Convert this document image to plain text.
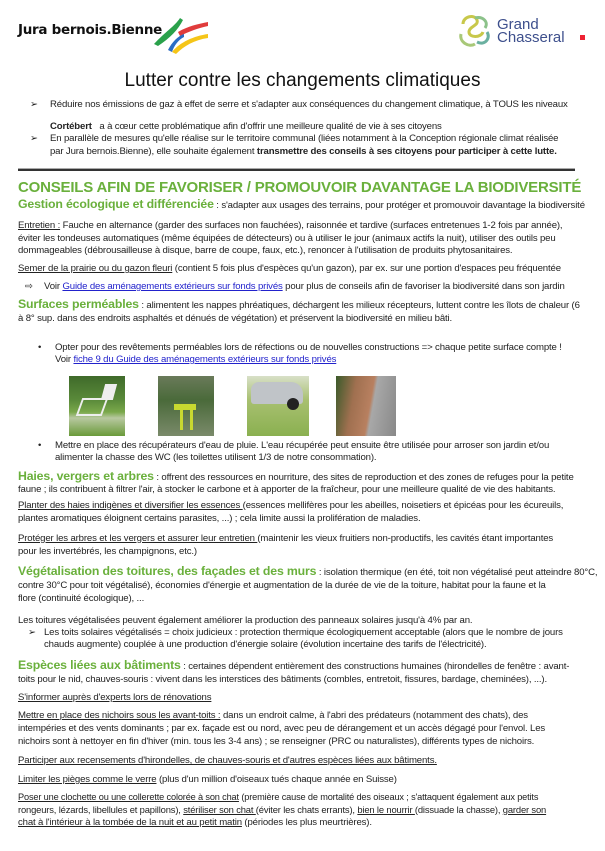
Jura bernois.Bienne	Grand
Chasseral
Lutter contre les changements climatiques
➢ Réduire nos émissions de gaz à effet de serre et s'adapter aux conséquences du changement climatique, à TOUS les niveaux
Cortébert a à cœur cette problématique afin d'offrir une meilleure qualité de vie à ses citoyens
➢ En parallèle de mesures qu'elle réalise sur le territoire communal (liées notamment à la Conception régionale climat réalisée
par Jura bernois.Bienne), elle souhaite également transmettre des conseils à ses citoyens pour participer à cette lutte.
CONSEILS AFIN DE FAVORISER / PROMOUVOIR DAVANTAGE LA BIODIVERSITÉ
Gestion écologique et différenciée : s'adapter aux usages des terrains, pour protéger et promouvoir davantage la biodiversité
Entretien : Fauche en alternance (garder des surfaces non fauchées), raisonnée et tardive (surfaces entretenues 1-2 fois par année),
éviter les tondeuses automatiques (même équipées de détecteurs) ou à utiliser le jour (animaux actifs la nuit), utiliser des outils peu
dommageables (débrousailleuse à disque, barre de coupe, faux, etc.), renoncer à l'utilisation de produits phytosanitaires.
Semer de la prairie ou du gazon fleuri (contient 5 fois plus d'espèces qu'un gazon), par ex. sur une portion d'espaces peu fréquentée
⇨ Voir Guide des aménagements extérieurs sur fonds privés pour plus de conseils afin de favoriser la biodiversité dans son jardin
Surfaces perméables : alimentent les nappes phréatiques, déchargent les milieux récepteurs, luttent contre les îlots de chaleur (6
à 8° sup. dans des endroits asphaltés et dénués de végétation) et préservent la biodiversité en milieu bâti.
• Opter pour des revêtements perméables lors de réfections ou de nouvelles constructions => chaque petite surface compte !
Voir fiche 9 du Guide des aménagements extérieurs sur fonds privés
• Mettre en place des récupérateurs d'eau de pluie. L'eau récupérée peut ensuite être utilisée pour arroser son jardin et/ou
alimenter la chasse des WC (les toilettes utilisent 1/3 de notre consommation).
Haies, vergers et arbres : offrent des ressources en nourriture, des sites de reproduction et des zones de refuges pour la petite
faune ; ils contribuent à filtrer l'air, à stocker le carbone et à apporter de la fraîcheur, pour une meilleure qualité de vie des habitants.
Planter des haies indigènes et diversifier les essences (essences mellifères pour les abeilles, noisetiers et épicéas pour les écureuils,
plantes aromatiques éloignent certains parasites, ...) ; cela limite aussi la prolifération de maladies.
Protéger les arbres et les vergers et assurer leur entretien (maintenir les vieux fruitiers non-productifs, les cavités étant importantes
pour les invertébrés, les champignons, etc.)
Végétalisation des toitures, des façades et des murs : isolation thermique (en été, toit non végétalisé peut atteindre 80°C,
contre 30°C pour toit végétalisé), économies d'énergie et augmentation de la durée de vie de la toiture, habitat pour la faune et la
flore (continuité écologique), ...
Les toitures végétalisées peuvent également améliorer la production des panneaux solaires jusqu'à 4% par an.
➢ Les toits solaires végétalisés = choix judicieux : protection thermique écologiquement acceptable (alors que le nombre de jours
chauds augmente) couplée à une production d'énergie solaire (évolution incertaine des tarifs de l'électricité).
Espèces liées aux bâtiments : certaines dépendent entièrement des constructions humaines (hirondelles de fenêtre : avant-
toits pour le nid, chauves-souris : vivent dans les interstices des bâtiments (combles, entretoit, fissures, bardage, cheminées), ...).
S'informer auprès d'experts lors de rénovations
Mettre en place des nichoirs sous les avant-toits : dans un endroit calme, à l'abri des prédateurs (notamment des chats), des
intempéries et des vents dominants ; par ex. façade est ou nord, avec peu de dérangement et un accès dégagé pour l'envol. Les
nichoirs sont à nettoyer en fin d'hiver (min. tous les 3-4 ans) ; se renseigner (PRC ou naturalistes), différents types de nichoirs.
Participer aux recensements d'hirondelles, de chauves-souris et d'autres espèces liées aux bâtiments.
Limiter les pièges comme le verre (plus d'un million d'oiseaux tués chaque année en Suisse)
Poser une clochette ou une collerette colorée à son chat (première cause de mortalité des oiseaux ; s'attaquent également aux petits
rongeurs, lézards, libellules et papillons), stériliser son chat (éviter les chats errants), bien le nourrir (dissuade la chasse), garder son
chat à l'intérieur à la tombée de la nuit et au petit matin (périodes les plus meurtrières).
